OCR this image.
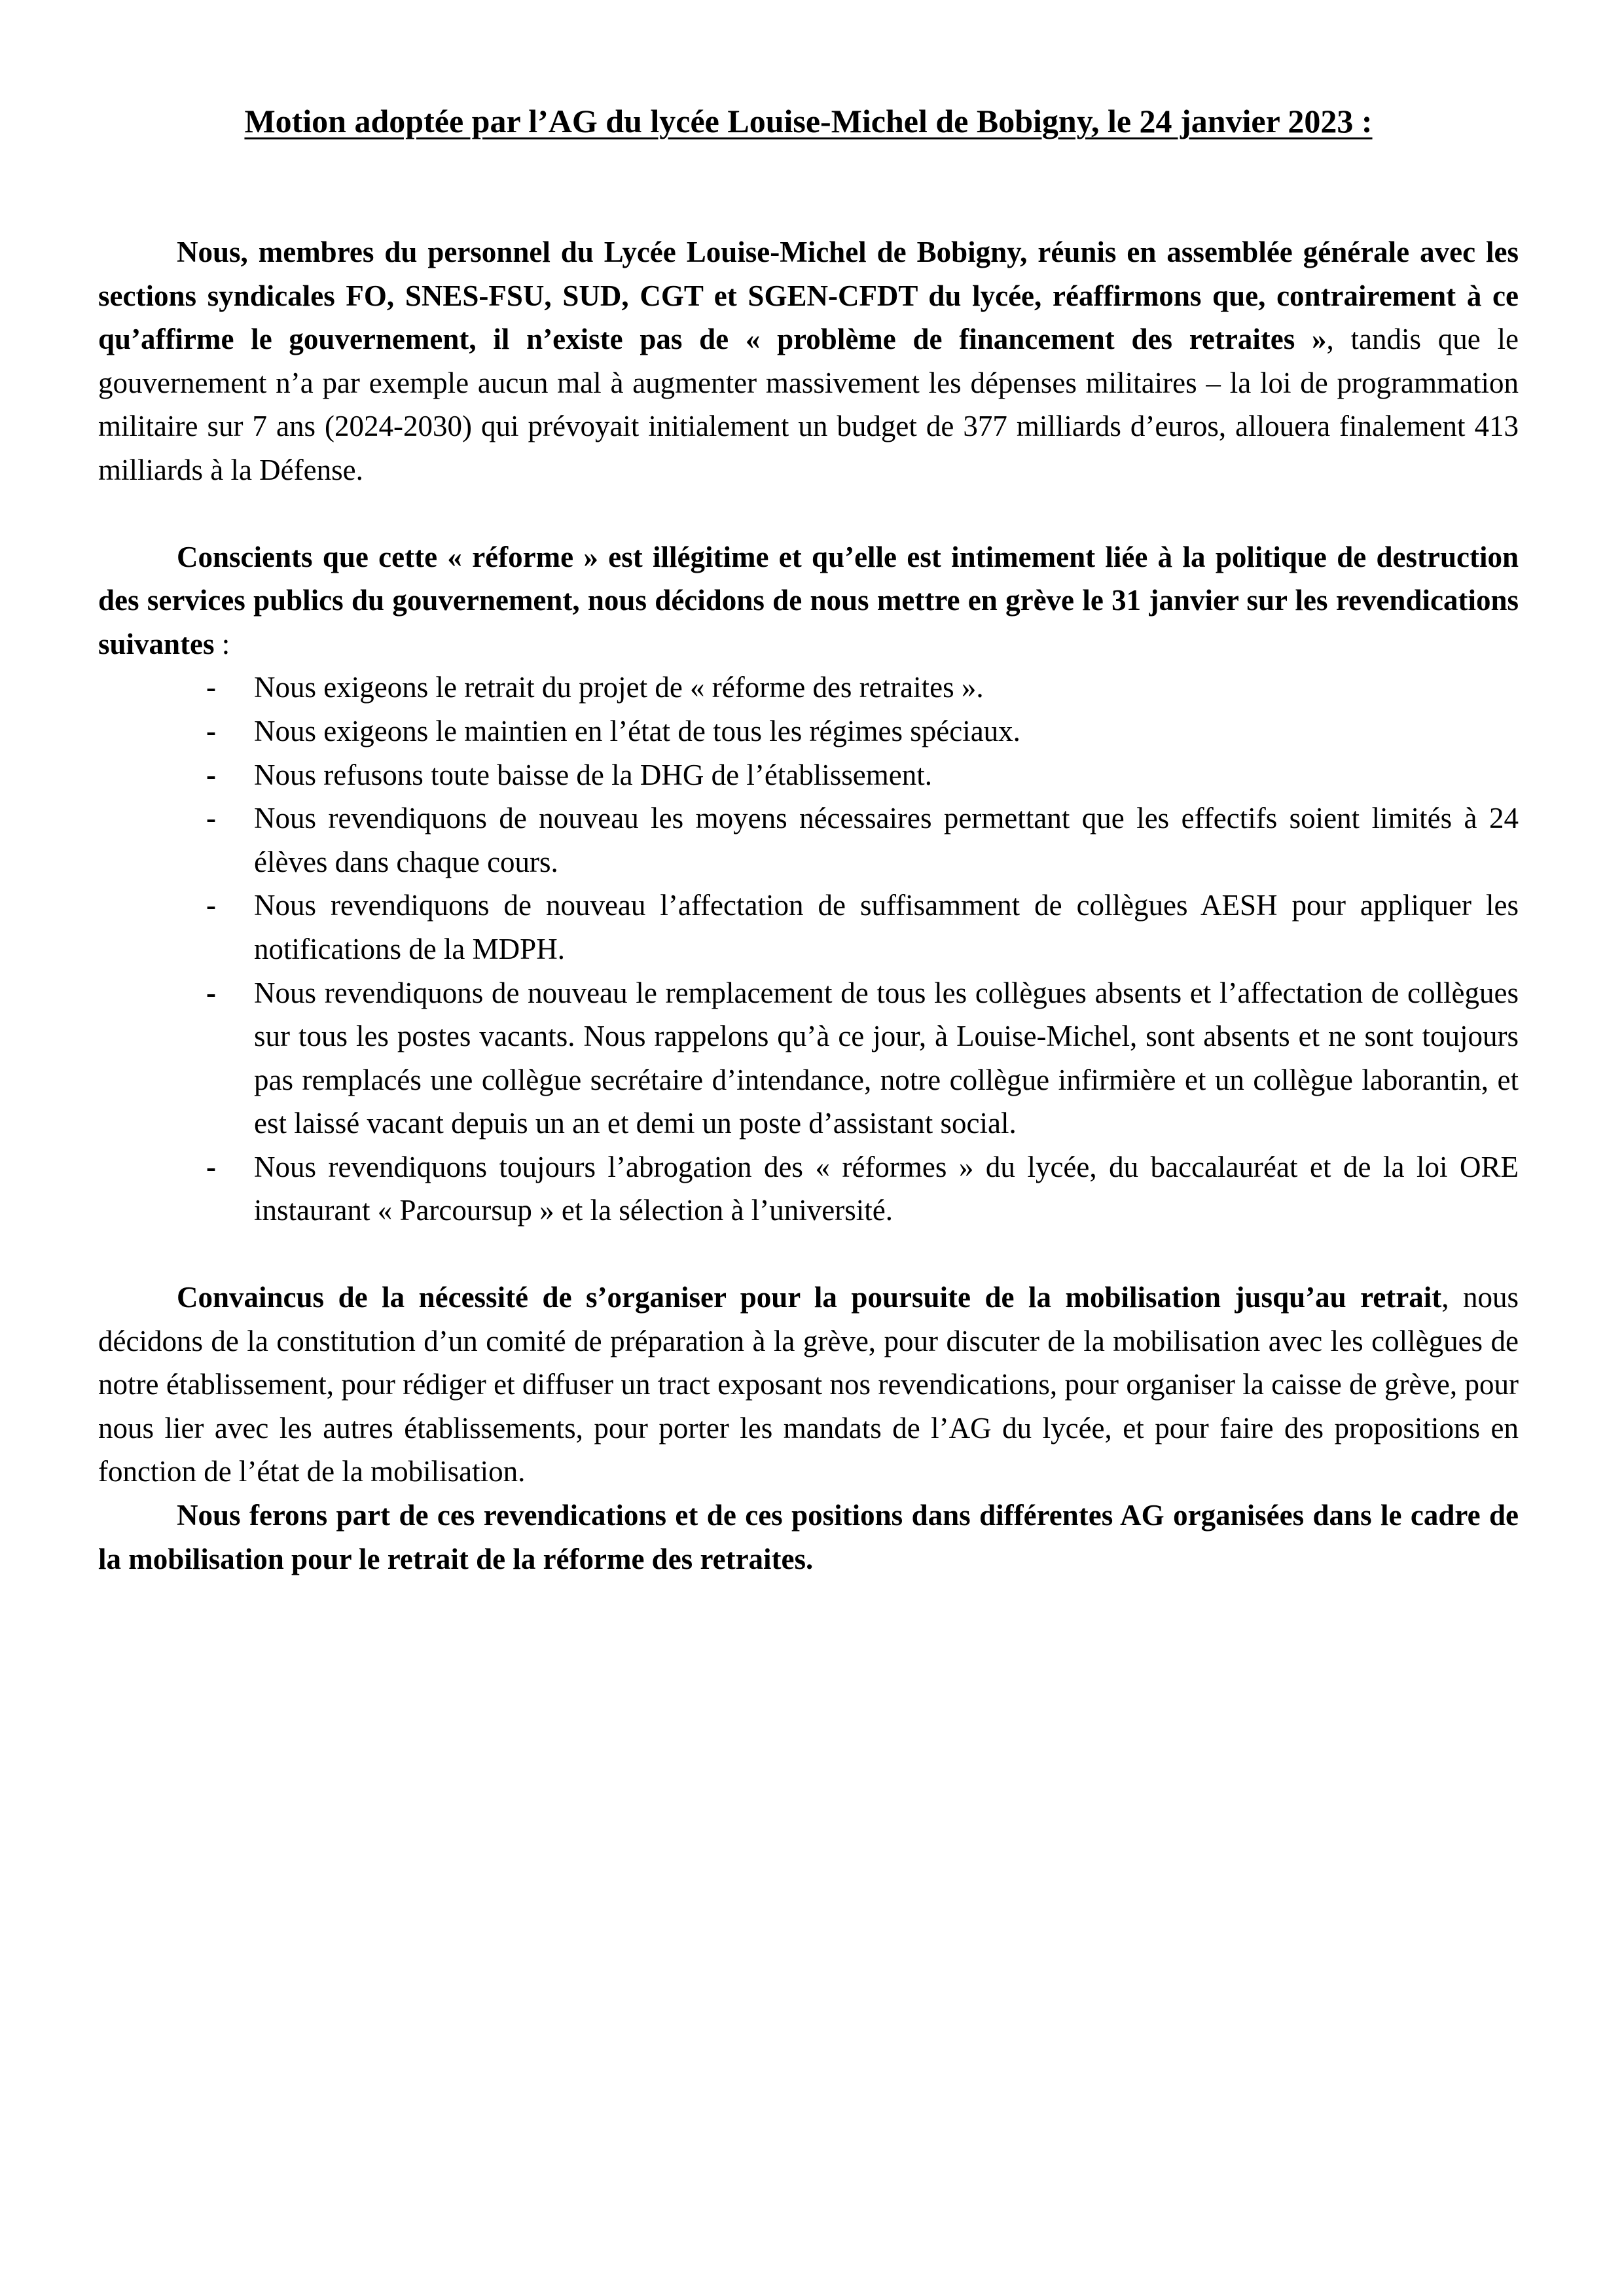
Motion adoptée par l’AG du lycée Louise-Michel de Bobigny, le 24 janvier 2023 :

Nous, membres du personnel du Lycée Louise-Michel de Bobigny, réunis en assemblée générale avec les sections syndicales FO, SNES-FSU, SUD, CGT et SGEN-CFDT du lycée, réaffirmons que, contrairement à ce qu’affirme le gouvernement, il n’existe pas de « problème de financement des retraites », tandis que le gouvernement n’a par exemple aucun mal à augmenter massivement les dépenses militaires – la loi de programmation militaire sur 7 ans (2024-2030) qui prévoyait initialement un budget de 377 milliards d’euros, allouera finalement 413 milliards à la Défense.

Conscients que cette « réforme » est illégitime et qu’elle est intimement liée à la politique de destruction des services publics du gouvernement, nous décidons de nous mettre en grève le 31 janvier sur les revendications suivantes :

- Nous exigeons le retrait du projet de « réforme des retraites ».
- Nous exigeons le maintien en l’état de tous les régimes spéciaux.
- Nous refusons toute baisse de la DHG de l’établissement.
- Nous revendiquons de nouveau les moyens nécessaires permettant que les effectifs soient limités à 24 élèves dans chaque cours.
- Nous revendiquons de nouveau l’affectation de suffisamment de collègues AESH pour appliquer les notifications de la MDPH.
- Nous revendiquons de nouveau le remplacement de tous les collègues absents et l’affectation de collègues sur tous les postes vacants. Nous rappelons qu’à ce jour, à Louise-Michel, sont absents et ne sont toujours pas remplacés une collègue secrétaire d’intendance, notre collègue infirmière et un collègue laborantin, et est laissé vacant depuis un an et demi un poste d’assistant social.
- Nous revendiquons toujours l’abrogation des « réformes » du lycée, du baccalauréat et de la loi ORE instaurant « Parcoursup » et la sélection à l’université.

Convaincus de la nécessité de s’organiser pour la poursuite de la mobilisation jusqu’au retrait, nous décidons de la constitution d’un comité de préparation à la grève, pour discuter de la mobilisation avec les collègues de notre établissement, pour rédiger et diffuser un tract exposant nos revendications, pour organiser la caisse de grève, pour nous lier avec les autres établissements, pour porter les mandats de l’AG du lycée, et pour faire des propositions en fonction de l’état de la mobilisation.

Nous ferons part de ces revendications et de ces positions dans différentes AG organisées dans le cadre de la mobilisation pour le retrait de la réforme des retraites.
